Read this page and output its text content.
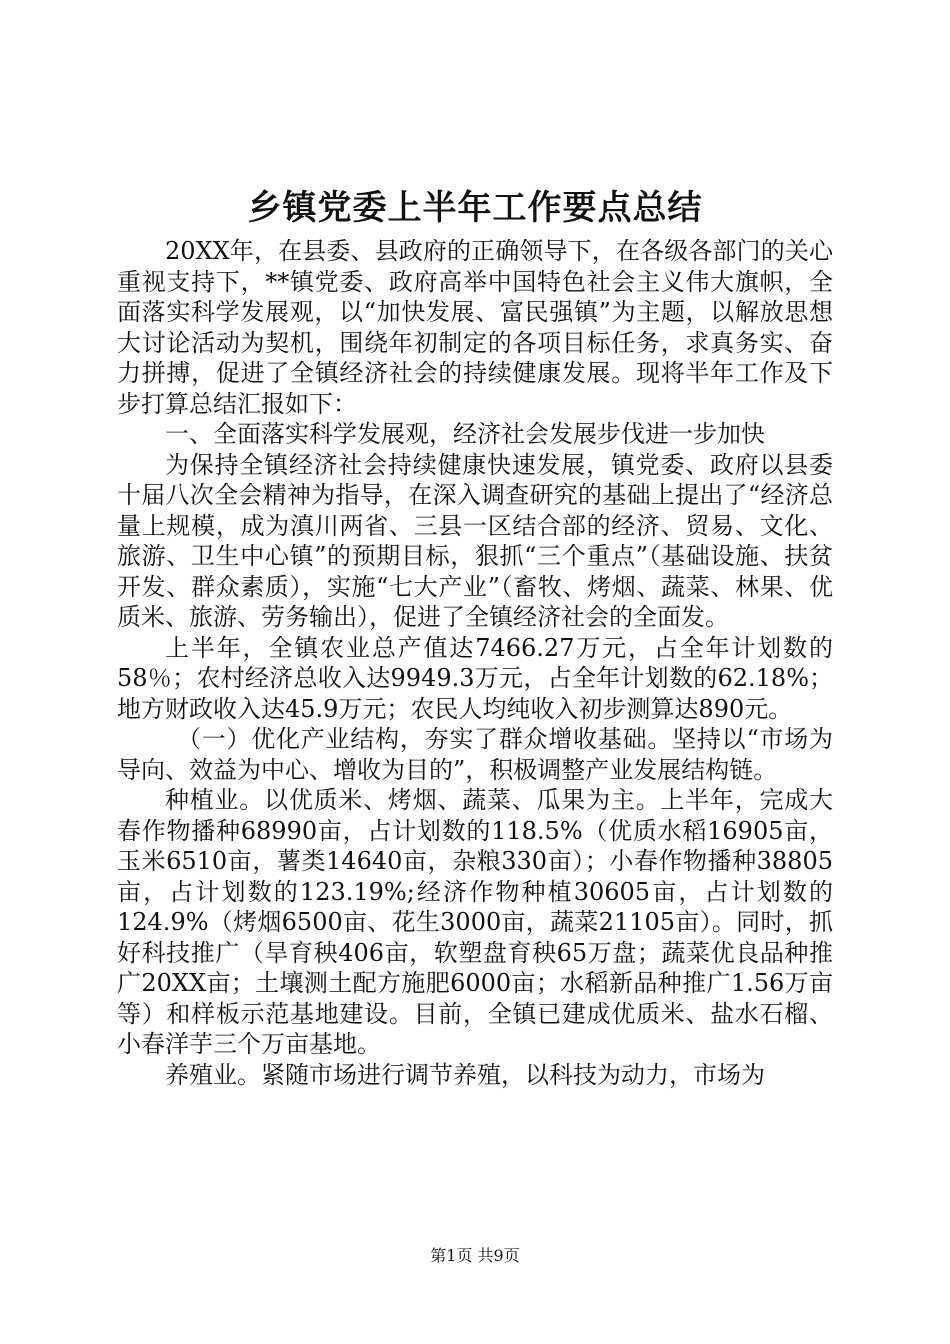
乡镇党委上半年工作要点总结

20XX年，在县委、县政府的正确领导下，在各级各部门的关心重视支持下，**镇党委、政府高举中国特色社会主义伟大旗帜，全面落实科学发展观，以“加快发展、富民强镇”为主题，以解放思想大讨论活动为契机，围绕年初制定的各项目标任务，求真务实、奋力拼搏，促进了全镇经济社会的持续健康发展。现将半年工作及下步打算总结汇报如下：

一、全面落实科学发展观，经济社会发展步伐进一步加快

为保持全镇经济社会持续健康快速发展，镇党委、政府以县委十届八次全会精神为指导，在深入调查研究的基础上提出了“经济总量上规模，成为滇川两省、三县一区结合部的经济、贸易、文化、旅游、卫生中心镇”的预期目标，狠抓“三个重点”（基础设施、扶贫开发、群众素质），实施“七大产业”（畜牧、烤烟、蔬菜、林果、优质米、旅游、劳务输出），促进了全镇经济社会的全面发。

上半年，全镇农业总产值达7466.27万元，占全年计划数的58％；农村经济总收入达9949.3万元，占全年计划数的62.18%；地方财政收入达45.9万元；农民人均纯收入初步测算达890元。

（一）优化产业结构，夯实了群众增收基础。坚持以“市场为导向、效益为中心、增收为目的”，积极调整产业发展结构链。

种植业。以优质米、烤烟、蔬菜、瓜果为主。上半年，完成大春作物播种68990亩，占计划数的118.5%（优质水稻16905亩，玉米6510亩，薯类14640亩，杂粮330亩）；小春作物播种38805亩，占计划数的123.19%;经济作物种植30605亩，占计划数的124.9%（烤烟6500亩、花生3000亩，蔬菜21105亩）。同时，抓好科技推广（旱育秧406亩，软塑盘育秧65万盘；蔬菜优良品种推广20XX亩；土壤测土配方施肥6000亩；水稻新品种推广1.56万亩等）和样板示范基地建设。目前，全镇已建成优质米、盐水石榴、小春洋芋三个万亩基地。

养殖业。紧随市场进行调节养殖，以科技为动力，市场为

第1页 共9页
